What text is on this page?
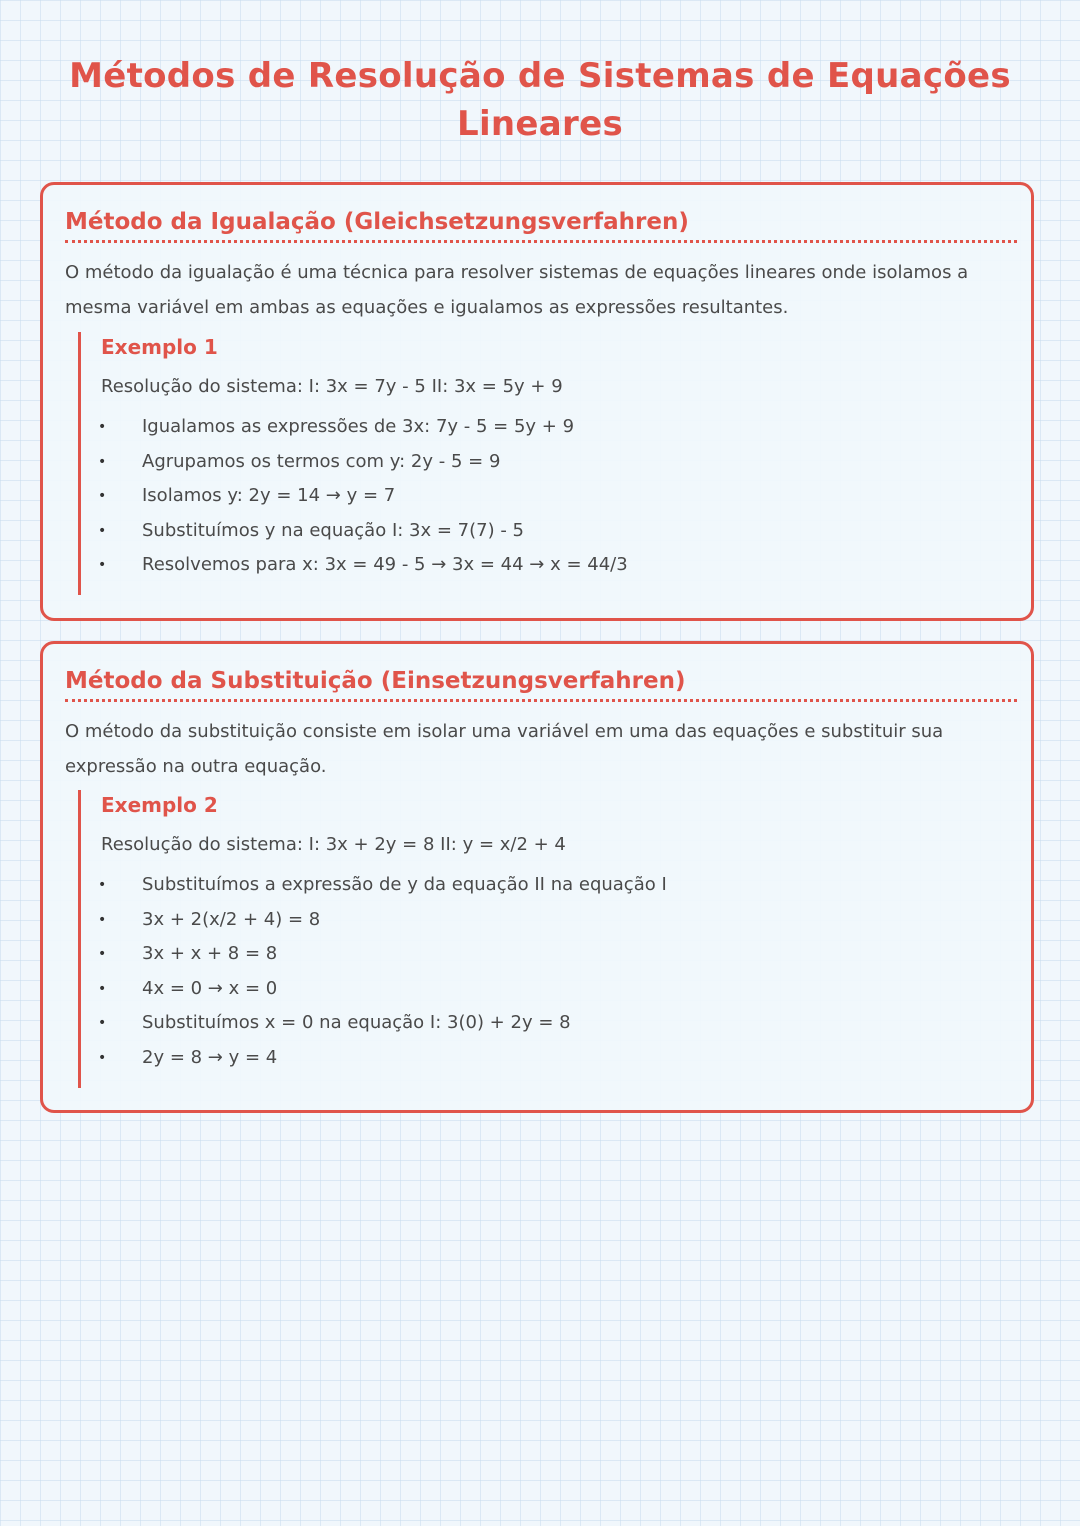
Métodos de Resolução de Sistemas de Equações Lineares
Método da Igualação (Gleichsetzungsverfahren)

O método da igualação é uma técnica para resolver sistemas de equações lineares onde isolamos a mesma variável em ambas as equações e igualamos as expressões resultantes.

Exemplo 1

Resolução do sistema: I: 3x = 7y - 5 II: 3x = 5y + 9

• Igualamos as expressões de 3x: 7y - 5 = 5y + 9
• Agrupamos os termos com y: 2y - 5 = 9
• Isolamos y: 2y = 14 → y = 7
• Substituímos y na equação I: 3x = 7(7) - 5
• Resolvemos para x: 3x = 49 - 5 → 3x = 44 → x = 44/3
Método da Substituição (Einsetzungsverfahren)

O método da substituição consiste em isolar uma variável em uma das equações e substituir sua expressão na outra equação.

Exemplo 2

Resolução do sistema: I: 3x + 2y = 8 II: y = x/2 + 4

• Substituímos a expressão de y da equação II na equação I
• 3x + 2(x/2 + 4) = 8
• 3x + x + 8 = 8
• 4x = 0 → x = 0
• Substituímos x = 0 na equação I: 3(0) + 2y = 8
• 2y = 8 → y = 4
